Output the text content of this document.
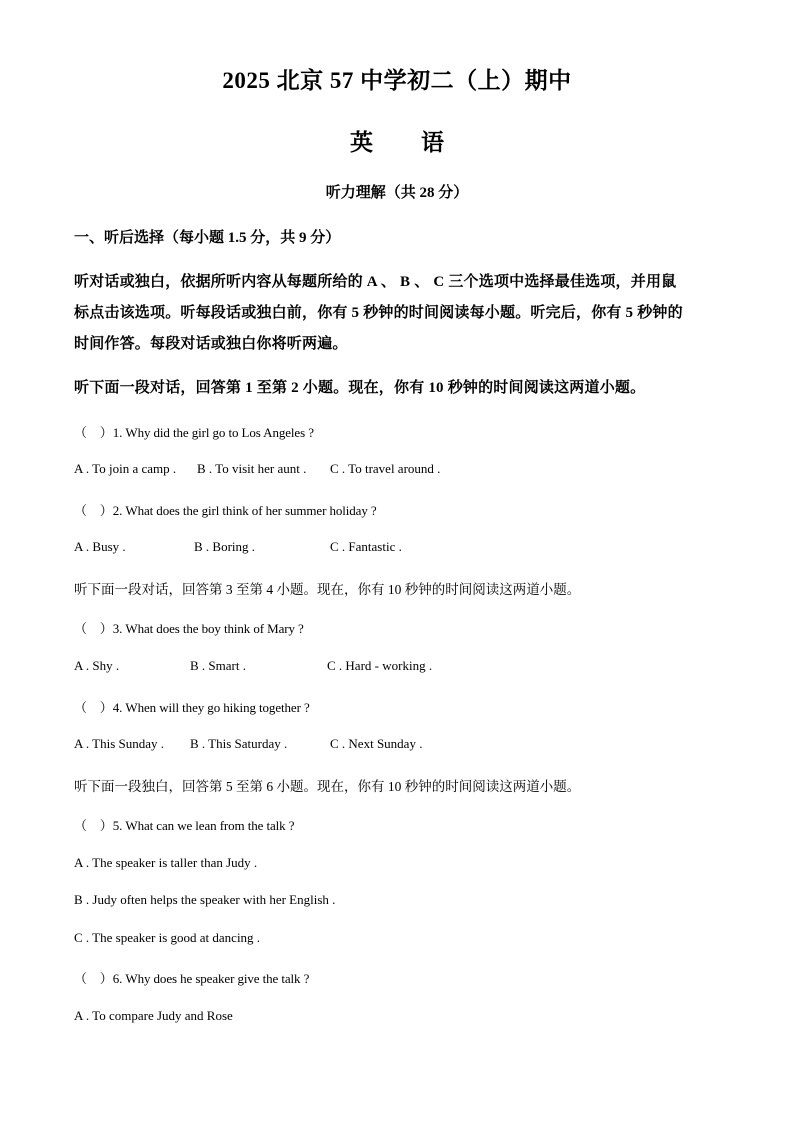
2025 北京 57 中学初二（上）期中
英 语
听力理解（共 28 分）
一、听后选择（每小题 1.5 分，共 9 分）
听对话或独白，依据所听内容从每题所给的 A 、 B 、 C 三个选项中选择最佳选项，并用鼠
标点击该选项。听每段话或独白前，你有 5 秒钟的时间阅读每小题。听完后，你有 5 秒钟的
时间作答。每段对话或独白你将听两遍。
听下面一段对话，回答第 1 至第 2 小题。现在，你有 10 秒钟的时间阅读这两道小题。
（　）1. Why did the girl go to Los Angeles ?
A . To join a camp . B . To visit her aunt . C . To travel around .
（　）2. What does the girl think of her summer holiday ?
A . Busy .	B . Boring .	C . Fantastic .
听下面一段对话，回答第 3 至第 4 小题。现在，你有 10 秒钟的时间阅读这两道小题。
（　）3. What does the boy think of Mary ?
A . Shy .	B . Smart .	C . Hard - working .
（　）4. When will they go hiking together ?
A . This Sunday . B . This Saturday .	C . Next Sunday .
听下面一段独白，回答第 5 至第 6 小题。现在，你有 10 秒钟的时间阅读这两道小题。
（　）5. What can we lean from the talk ?
A . The speaker is taller than Judy .
B . Judy often helps the speaker with her English .
C . The speaker is good at dancing .
（　）6. Why does he speaker give the talk ?
A . To compare Judy and Rose
